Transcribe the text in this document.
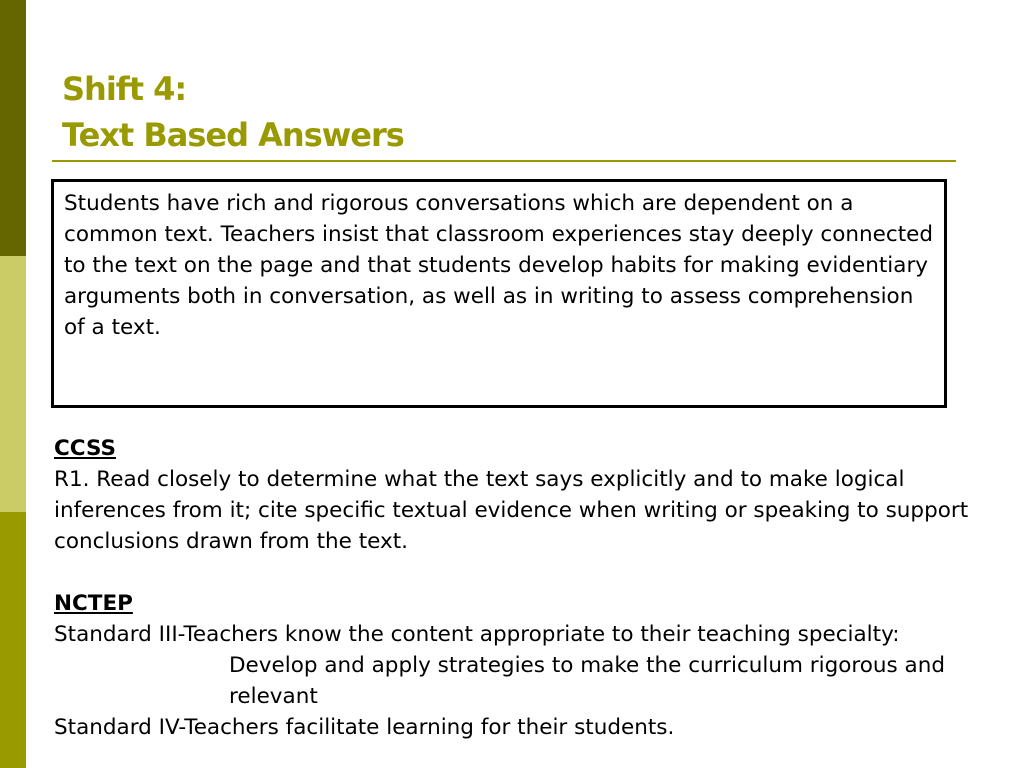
Shift 4:
Text Based Answers
Students have rich and rigorous conversations which are dependent on a common text. Teachers insist that classroom experiences stay deeply connected to the text on the page and that students develop habits for making evidentiary arguments both in conversation, as well as in writing to assess comprehension of a text.

CCSS

R1. Read closely to determine what the text says explicitly and to make logical inferences from it; cite specific textual evidence when writing or speaking to support conclusions drawn from the text.

NCTEP

Standard III-Teachers know the content appropriate to their teaching specialty: Develop and apply strategies to make the curriculum rigorous and relevant

Standard IV-Teachers facilitate learning for their students.
